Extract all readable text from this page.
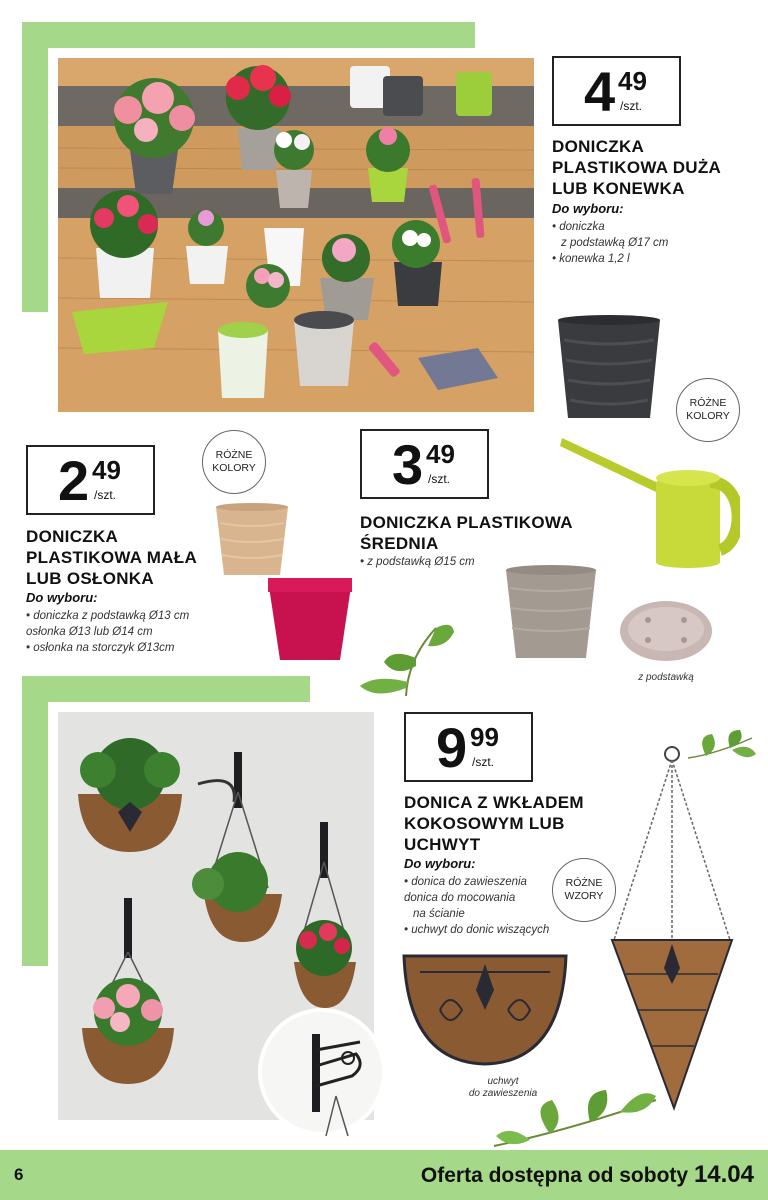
4 49
/szt.
DONICZKA
PLASTIKOWA DUŻA
LUB KONEWKA
Do wyboru:
• doniczka
z podstawką Ø17 cm
• konewka 1,2 l
RÓŻNE
KOLORY
2 49
/szt.
RÓŻNE
KOLORY
DONICZKA
PLASTIKOWA MAŁA
LUB OSŁONKA
Do wyboru:
• doniczka z podstawką Ø13 cm
osłonka Ø13 lub Ø14 cm
• osłonka na storczyk Ø13cm
3 49
/szt.
DONICZKA PLASTIKOWA
ŚREDNIA
• z podstawką Ø15 cm
z podstawką
9 99
/szt.
DONICA Z WKŁADEM
KOKOSOWYM LUB
UCHWYT
Do wyboru:
• donica do zawieszenia
donica do mocowania
na ścianie
• uchwyt do donic wiszących
RÓŻNE
WZORY
uchwyt
do zawieszenia
6	Oferta dostępna od soboty 14.04
